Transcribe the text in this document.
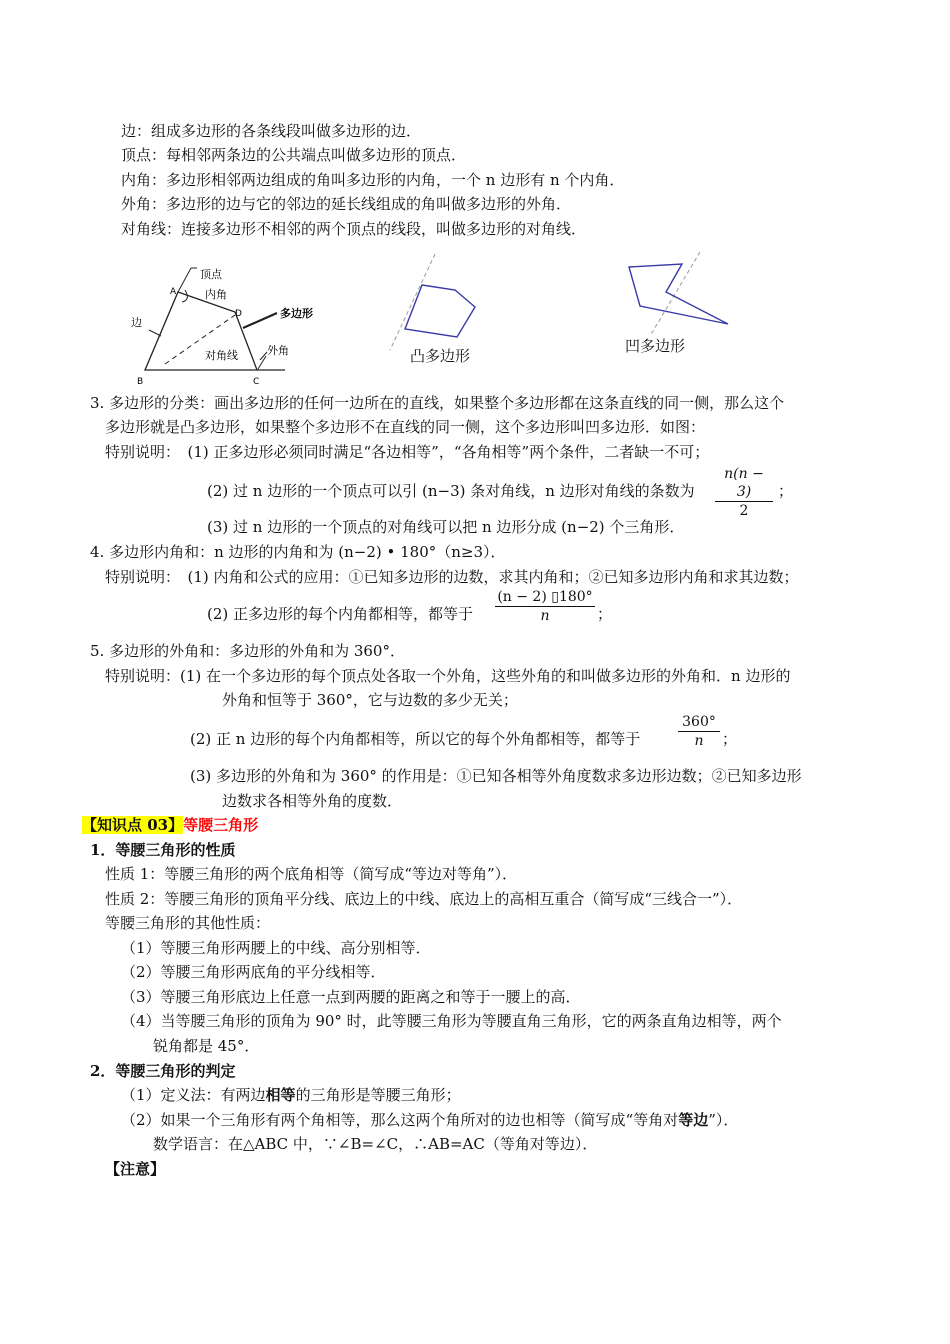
边：组成多边形的各条线段叫做多边形的边．
顶点：每相邻两条边的公共端点叫做多边形的顶点．
内角：多边形相邻两边组成的角叫多边形的内角，一个 n 边形有 n 个内角．
外角：多边形的边与它的邻边的延长线组成的角叫做多边形的外角．
对角线：连接多边形不相邻的两个顶点的线段，叫做多边形的对角线．
顶点
A	内角
D	多边形
边
对角线	外角
B	C
凸多边形
凹多边形
3. 多边形的分类：画出多边形的任何一边所在的直线，如果整个多边形都在这条直线的同一侧，那么这个
多边形就是凸多边形，如果整个多边形不在直线的同一侧，这个多边形叫凹多边形．如图：
特别说明：　(1) 正多边形必须同时满足“各边相等”，“各角相等”两个条件，二者缺一不可；
(2) 过 n 边形的一个顶点可以引 (n−3) 条对角线，n 边形对角线的条数为
n(n − 3)
2
；
(3) 过 n 边形的一个顶点的对角线可以把 n 边形分成 (n−2) 个三角形．
4. 多边形内角和：n 边形的内角和为 (n−2) • 180°（n≥3）．
特别说明：　(1) 内角和公式的应用：①已知多边形的边数，求其内角和；②已知多边形内角和求其边数；
(2) 正多边形的每个内角都相等，都等于
(n − 2) ▯180°
n	；
5. 多边形的外角和：多边形的外角和为 360°．
特别说明：(1) 在一个多边形的每个顶点处各取一个外角，这些外角的和叫做多边形的外角和．n 边形的
外角和恒等于 360°，它与边数的多少无关；
(2) 正 n 边形的每个内角都相等，所以它的每个外角都相等，都等于
360°
n	；
(3) 多边形的外角和为 360° 的作用是：①已知各相等外角度数求多边形边数；②已知多边形
边数求各相等外角的度数．
【知识点 03】等腰三角形
1．等腰三角形的性质
性质 1：等腰三角形的两个底角相等（简写成“等边对等角”）．
性质 2：等腰三角形的顶角平分线、底边上的中线、底边上的高相互重合（简写成“三线合一”）．
等腰三角形的其他性质：
（1）等腰三角形两腰上的中线、高分别相等．
（2）等腰三角形两底角的平分线相等．
（3）等腰三角形底边上任意一点到两腰的距离之和等于一腰上的高．
（4）当等腰三角形的顶角为 90° 时，此等腰三角形为等腰直角三角形，它的两条直角边相等，两个
锐角都是 45°．
2．等腰三角形的判定
（1）定义法：有两边相等的三角形是等腰三角形；
（2）如果一个三角形有两个角相等，那么这两个角所对的边也相等（简写成“等角对等边”）．
数学语言：在△ABC 中，∵∠B=∠C，∴AB=AC（等角对等边）．
【注意】
